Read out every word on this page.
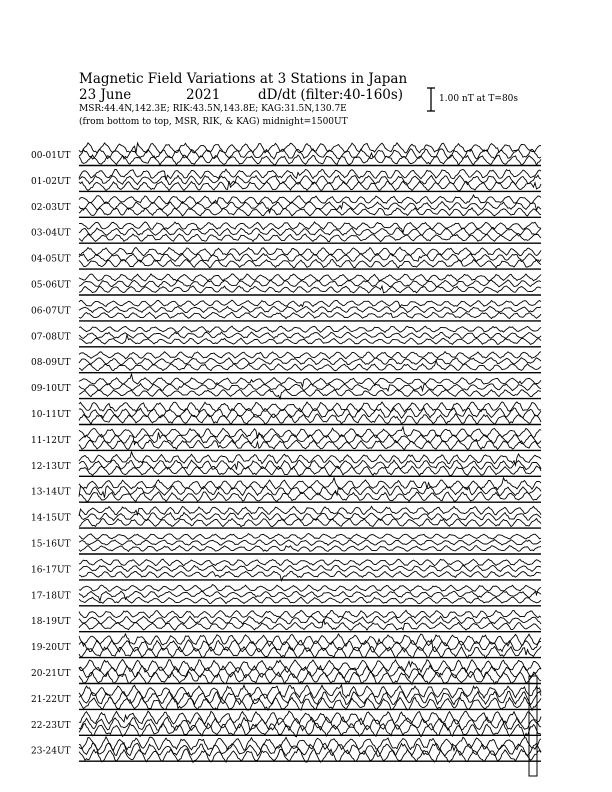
Magnetic Field Variations at 3 Stations in Japan
23 June	2021	dD/dt (filter:40-160s)
MSR:44.4N,142.3E; RIK:43.5N,143.8E; KAG:31.5N,130.7E
(from bottom to top, MSR, RIK, & KAG) midnight=1500UT
1.00 nT at T=80s
00-01UT
01-02UT
02-03UT
03-04UT
04-05UT
05-06UT
06-07UT
07-08UT
08-09UT
09-10UT
10-11UT
11-12UT
12-13UT
13-14UT
14-15UT
15-16UT
16-17UT
17-18UT
18-19UT
19-20UT
20-21UT
21-22UT
22-23UT
23-24UT
